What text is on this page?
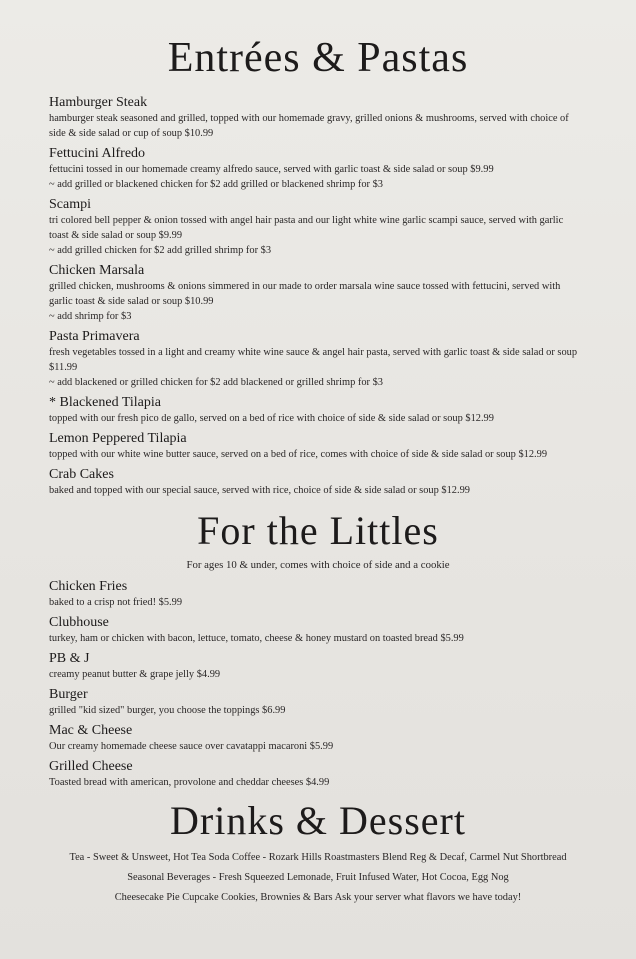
Entrées & Pastas
Hamburger Steak
hamburger steak seasoned and grilled, topped with our homemade gravy, grilled onions & mushrooms, served with choice of side & side salad or cup of soup $10.99
Fettucini Alfredo
fettucini tossed in our homemade creamy alfredo sauce, served with garlic toast & side salad or soup $9.99
~ add grilled or blackened chicken for $2 add grilled or blackened shrimp for $3
Scampi
tri colored bell pepper & onion tossed with angel hair pasta and our light white wine garlic scampi sauce, served with garlic toast & side salad or soup $9.99
~ add grilled chicken for $2 add grilled shrimp for $3
Chicken Marsala
grilled chicken, mushrooms & onions simmered in our made to order marsala wine sauce tossed with fettucini, served with garlic toast & side salad or soup $10.99
~ add shrimp for $3
Pasta Primavera
fresh vegetables tossed in a light and creamy white wine sauce & angel hair pasta, served with garlic toast & side salad or soup $11.99
~ add blackened or grilled chicken for $2 add blackened or grilled shrimp for $3
* Blackened Tilapia
topped with our fresh pico de gallo, served on a bed of rice with choice of side & side salad or soup $12.99
Lemon Peppered Tilapia
topped with our white wine butter sauce, served on a bed of rice, comes with choice of side & side salad or soup $12.99
Crab Cakes
baked and topped with our special sauce, served with rice, choice of side & side salad or soup $12.99
For the Littles
For ages 10 & under, comes with choice of side and a cookie
Chicken Fries
baked to a crisp not fried! $5.99
Clubhouse
turkey, ham or chicken with bacon, lettuce, tomato, cheese & honey mustard on toasted bread $5.99
PB & J
creamy peanut butter & grape jelly $4.99
Burger
grilled "kid sized" burger, you choose the toppings $6.99
Mac & Cheese
Our creamy homemade cheese sauce over cavatappi macaroni $5.99
Grilled Cheese
Toasted bread with american, provolone and cheddar cheeses $4.99
Drinks & Dessert
Tea - Sweet & Unsweet, Hot Tea Soda Coffee - Rozark Hills Roastmasters Blend Reg & Decaf, Carmel Nut Shortbread
Seasonal Beverages - Fresh Squeezed Lemonade, Fruit Infused Water, Hot Cocoa, Egg Nog
Cheesecake Pie Cupcake Cookies, Brownies & Bars Ask your server what flavors we have today!
